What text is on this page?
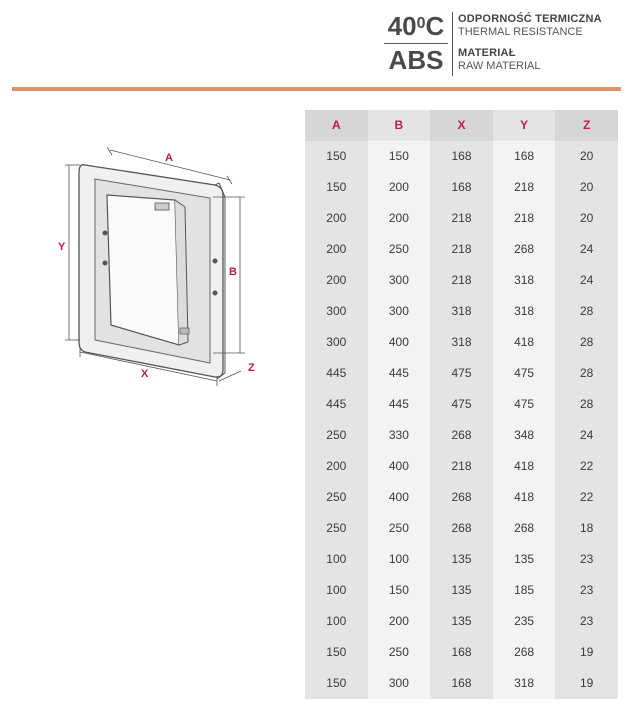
$40^0C$	ODPORNOŚĆ TERMICZNA
THERMAL RESISTANCE
ABS	MATERIAŁ
RAW MATERIAL
A
Y
B
X	Z
A	B	X	Y	Z
150	150	168	168	20
150	200	168	218	20
200	200	218	218	20
200	250	218	268	24
200	300	218	318	24
300	300	318	318	28
300	400	318	418	28
445	445	475	475	28
445	445	475	475	28
250	330	268	348	24
200	400	218	418	22
250	400	268	418	22
250	250	268	268	18
100	100	135	135	23
100	150	135	185	23
100	200	135	235	23
150	250	168	268	19
150	300	168	318	19
